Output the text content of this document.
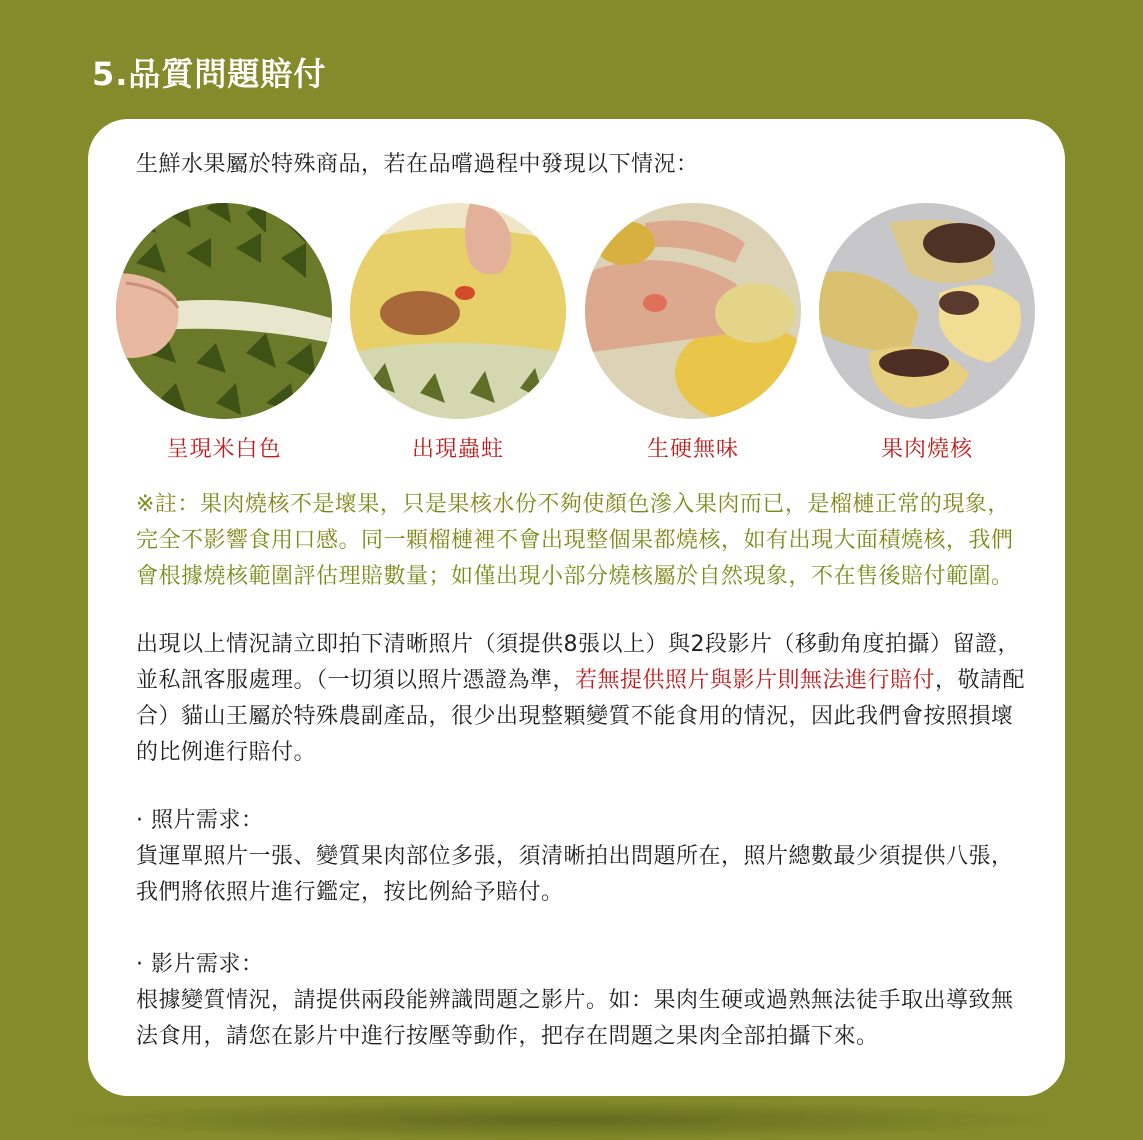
5.品質問題賠付

生鮮水果屬於特殊商品，若在品嚐過程中發現以下情況：

呈現米白色	出現蟲蛀	生硬無味	果肉燒核

※註：果肉燒核不是壞果，只是果核水份不夠使顏色滲入果肉而已，是榴槤正常的現象，完全不影響食用口感。同一顆榴槤裡不會出現整個果都燒核，如有出現大面積燒核，我們會根據燒核範圍評估理賠數量；如僅出現小部分燒核屬於自然現象，不在售後賠付範圍。

出現以上情況請立即拍下清晰照片（須提供8張以上）與2段影片（移動角度拍攝）留證，並私訊客服處理。（一切須以照片憑證為準，若無提供照片與影片則無法進行賠付，敬請配合）貓山王屬於特殊農副產品，很少出現整顆變質不能食用的情況，因此我們會按照損壞的比例進行賠付。

· 照片需求：

貨運單照片一張、變質果肉部位多張，須清晰拍出問題所在，照片總數最少須提供八張，我們將依照片進行鑑定，按比例給予賠付。

· 影片需求：

根據變質情況，請提供兩段能辨識問題之影片。如：果肉生硬或過熟無法徒手取出導致無法食用，請您在影片中進行按壓等動作，把存在問題之果肉全部拍攝下來。
